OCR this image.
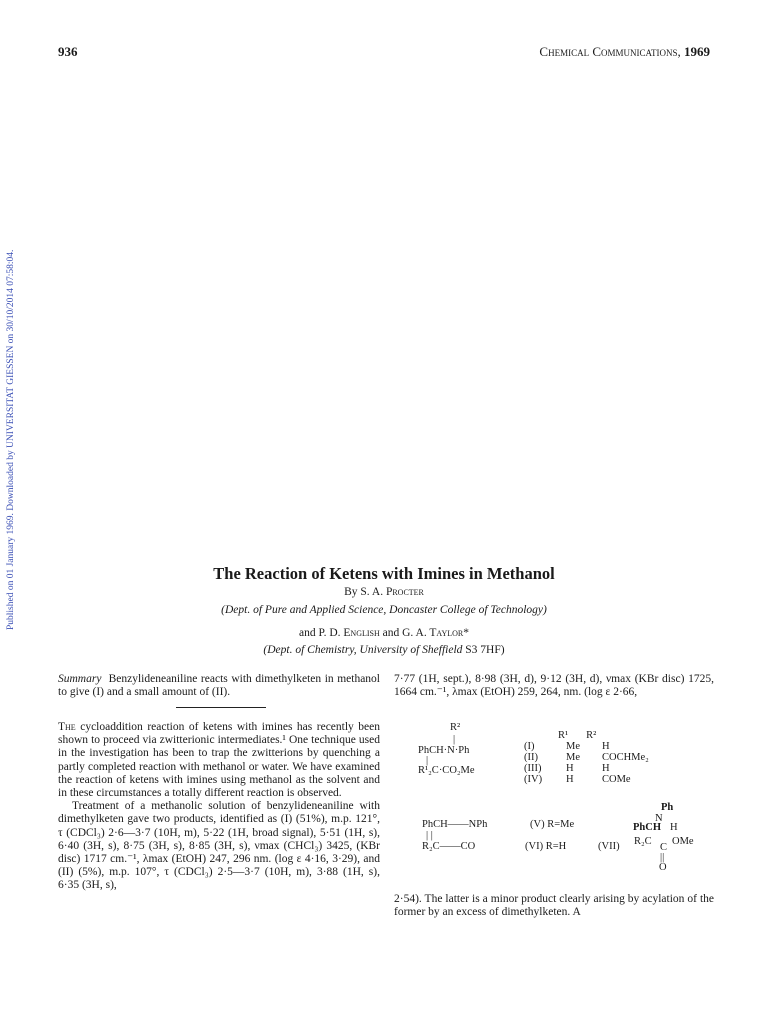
936	Chemical Communications, 1969
Published on 01 January 1969. Downloaded by UNIVERSITAT GIESSEN on 30/10/2014 07:58:04.	The Reaction of Ketens with Imines in Methanol
By S. A. Procter
(Dept. of Pure and Applied Science, Doncaster College of Technology)
and P. D. English and G. A. Taylor*
(Dept. of Chemistry, University of Sheffield S3 7HF)

Summary Benzylideneaniline reacts with dimethylketen in methanol to give (I) and a small amount of (II).

The cycloaddition reaction of ketens with imines has recently been shown to proceed via zwitterionic intermediates.¹ One technique used in the investigation has been to trap the zwitterions by quenching a partly completed reaction with methanol or water. We have examined the reaction of ketens with imines using methanol as the solvent and in these circumstances a totally different reaction is observed.

Treatment of a methanolic solution of benzylideneaniline with dimethylketen gave two products, identified as (I) (51%), m.p. 121°, τ (CDCl₃) 2·6—3·7 (10H, m), 5·22 (1H, broad signal), 5·51 (1H, s), 6·40 (3H, s), 8·75 (3H, s), 8·85 (3H, s), νmax (CHCl₃) 3425, (KBr disc) 1717 cm.⁻¹, λmax (EtOH) 247, 296 nm. (log ε 4·16, 3·29), and (II) (5%), m.p. 107°, τ (CDCl₃) 2·5—3·7 (10H, m), 3·88 (1H, s), 6·35 (3H, s),

7·77 (1H, sept.), 8·98 (3H, d), 9·12 (3H, d), νmax (KBr disc) 1725, 1664 cm.⁻¹, λmax (EtOH) 259, 264, nm. (log ε 2·66,
R²
|
PhCH·N·Ph
|
R¹₂C·CO₂Me
R¹ R²
(I)	Me	H
(II)	Me	COCHMe₂
(III)	H	H
(IV)	H	COMe
PhCH——NPh
| |
R₂C——CO
(V) R=Me
(VI) R=H	(VII)
Ph
N
PhCH H
R₂C
C
OMe
||
O
2·54). The latter is a minor product clearly arising by acylation of the former by an excess of dimethylketen. A
